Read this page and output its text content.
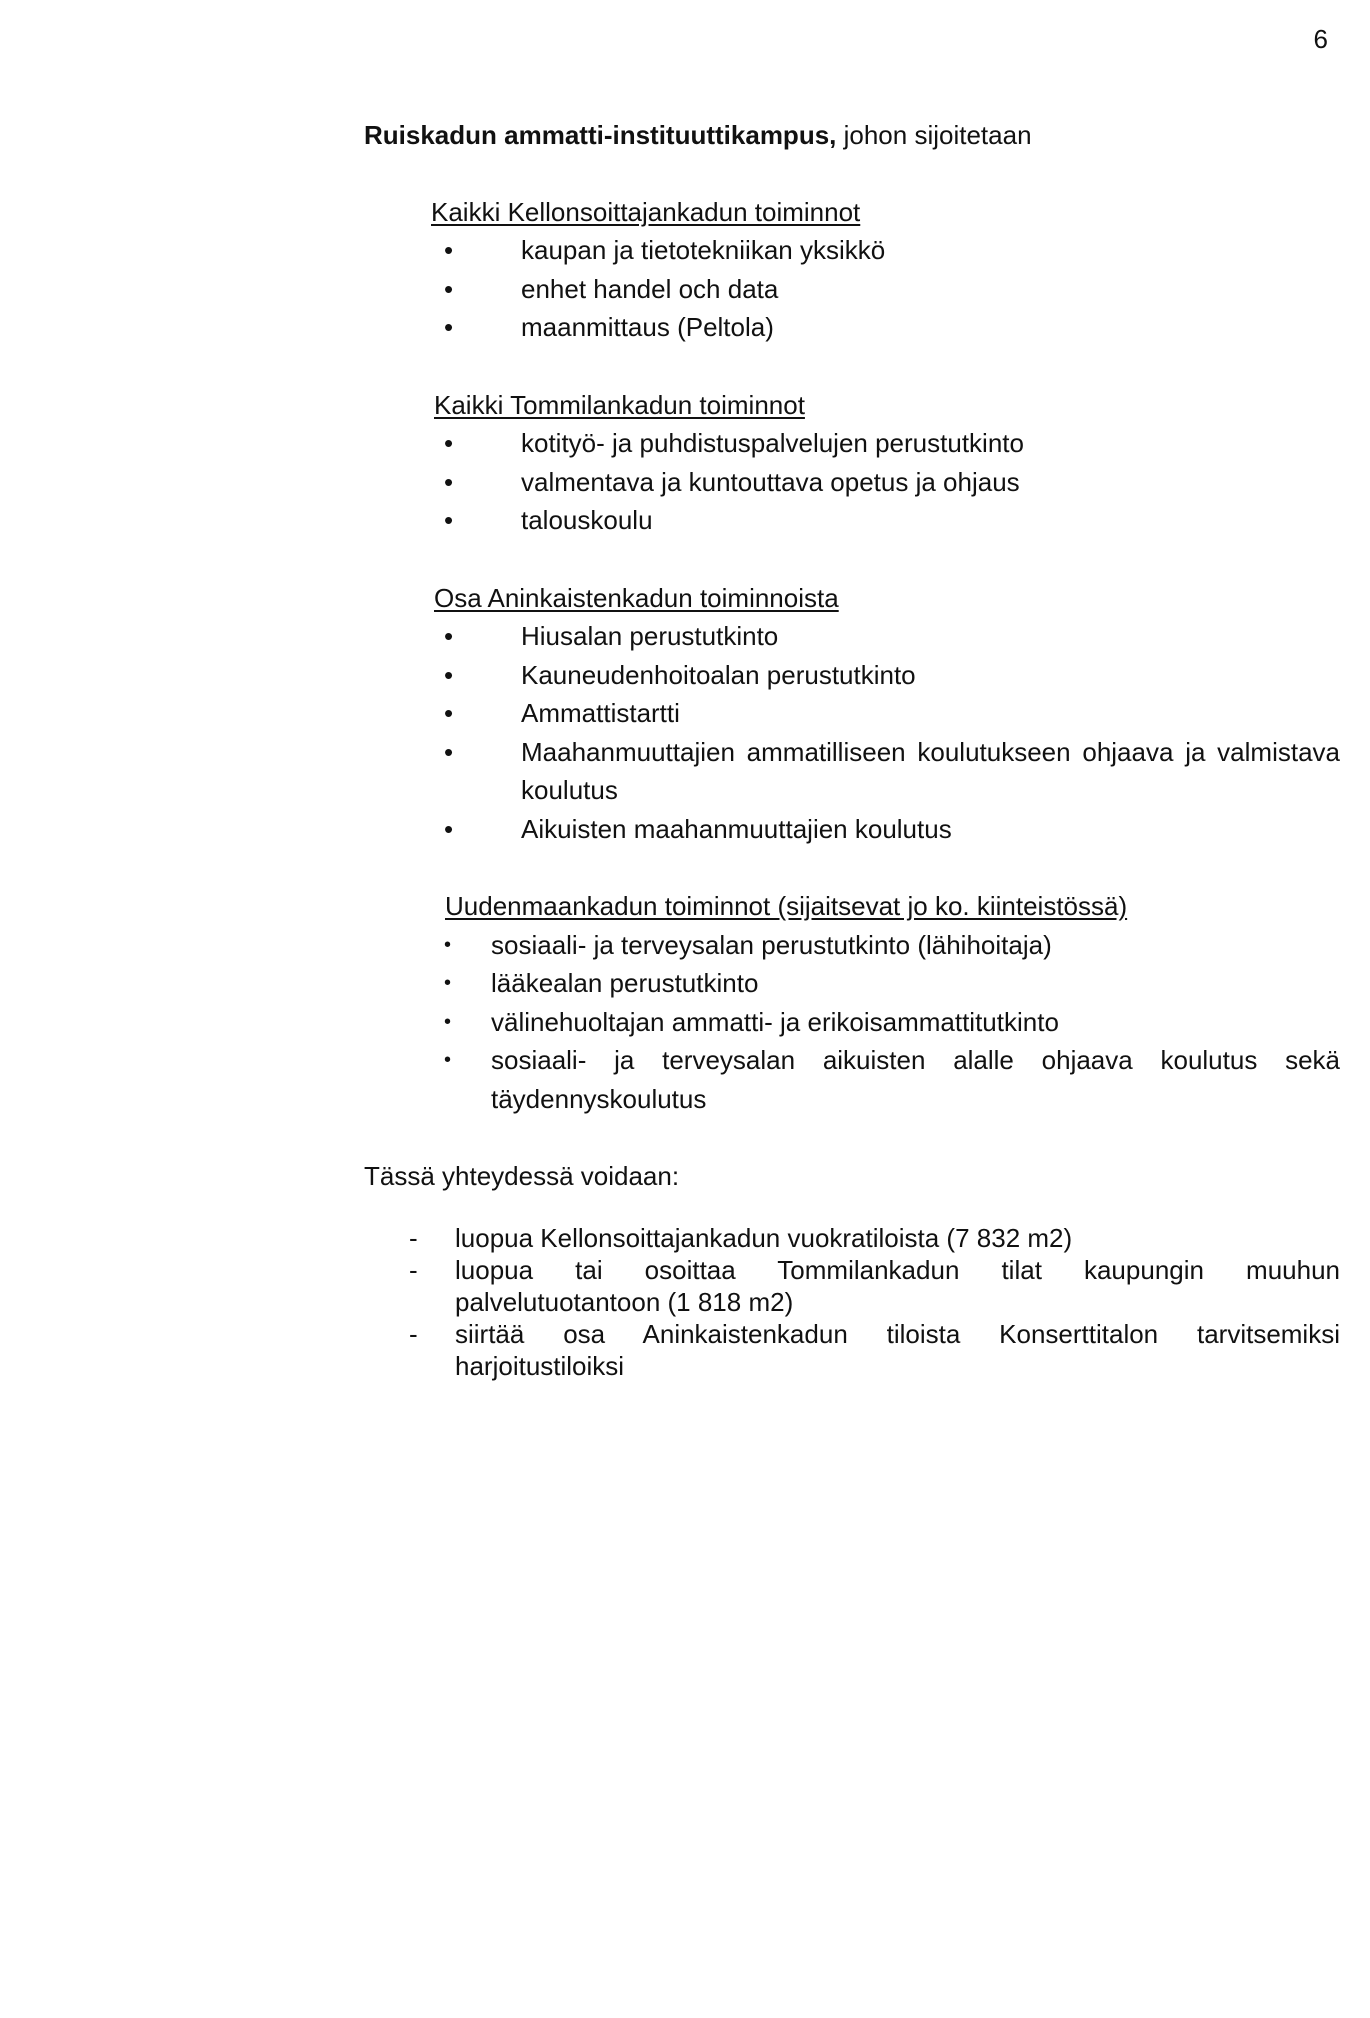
6

Ruiskadun ammatti-instituuttikampus, johon sijoitetaan

Kaikki Kellonsoittajankadun toiminnot
•	kaupan ja tietotekniikan yksikkö
•	enhet handel och data
•	maanmittaus (Peltola)
Kaikki Tommilankadun toiminnot
•	kotityö- ja puhdistuspalvelujen perustutkinto
•	valmentava ja kuntouttava opetus ja ohjaus
•	talouskoulu
Osa Aninkaistenkadun toiminnoista
•	Hiusalan perustutkinto
•	Kauneudenhoitoalan perustutkinto
•	Ammattistartti
•	Maahanmuuttajien ammatilliseen koulutukseen ohjaava ja valmistava koulutus
•	Aikuisten maahanmuuttajien koulutus
Uudenmaankadun toiminnot (sijaitsevat jo ko. kiinteistössä)
• sosiaali- ja terveysalan perustutkinto (lähihoitaja)
• lääkealan perustutkinto
• välinehuoltajan ammatti- ja erikoisammattitutkinto
• sosiaali- ja terveysalan aikuisten alalle ohjaava koulutus sekä täydennyskoulutus

Tässä yhteydessä voidaan:

- luopua Kellonsoittajankadun vuokratiloista (7 832 m2)
- luopua tai osoittaa Tommilankadun tilat kaupungin muuhun palvelutuotantoon (1 818 m2)
- siirtää osa Aninkaistenkadun tiloista Konserttitalon tarvitsemiksi harjoitustiloiksi
